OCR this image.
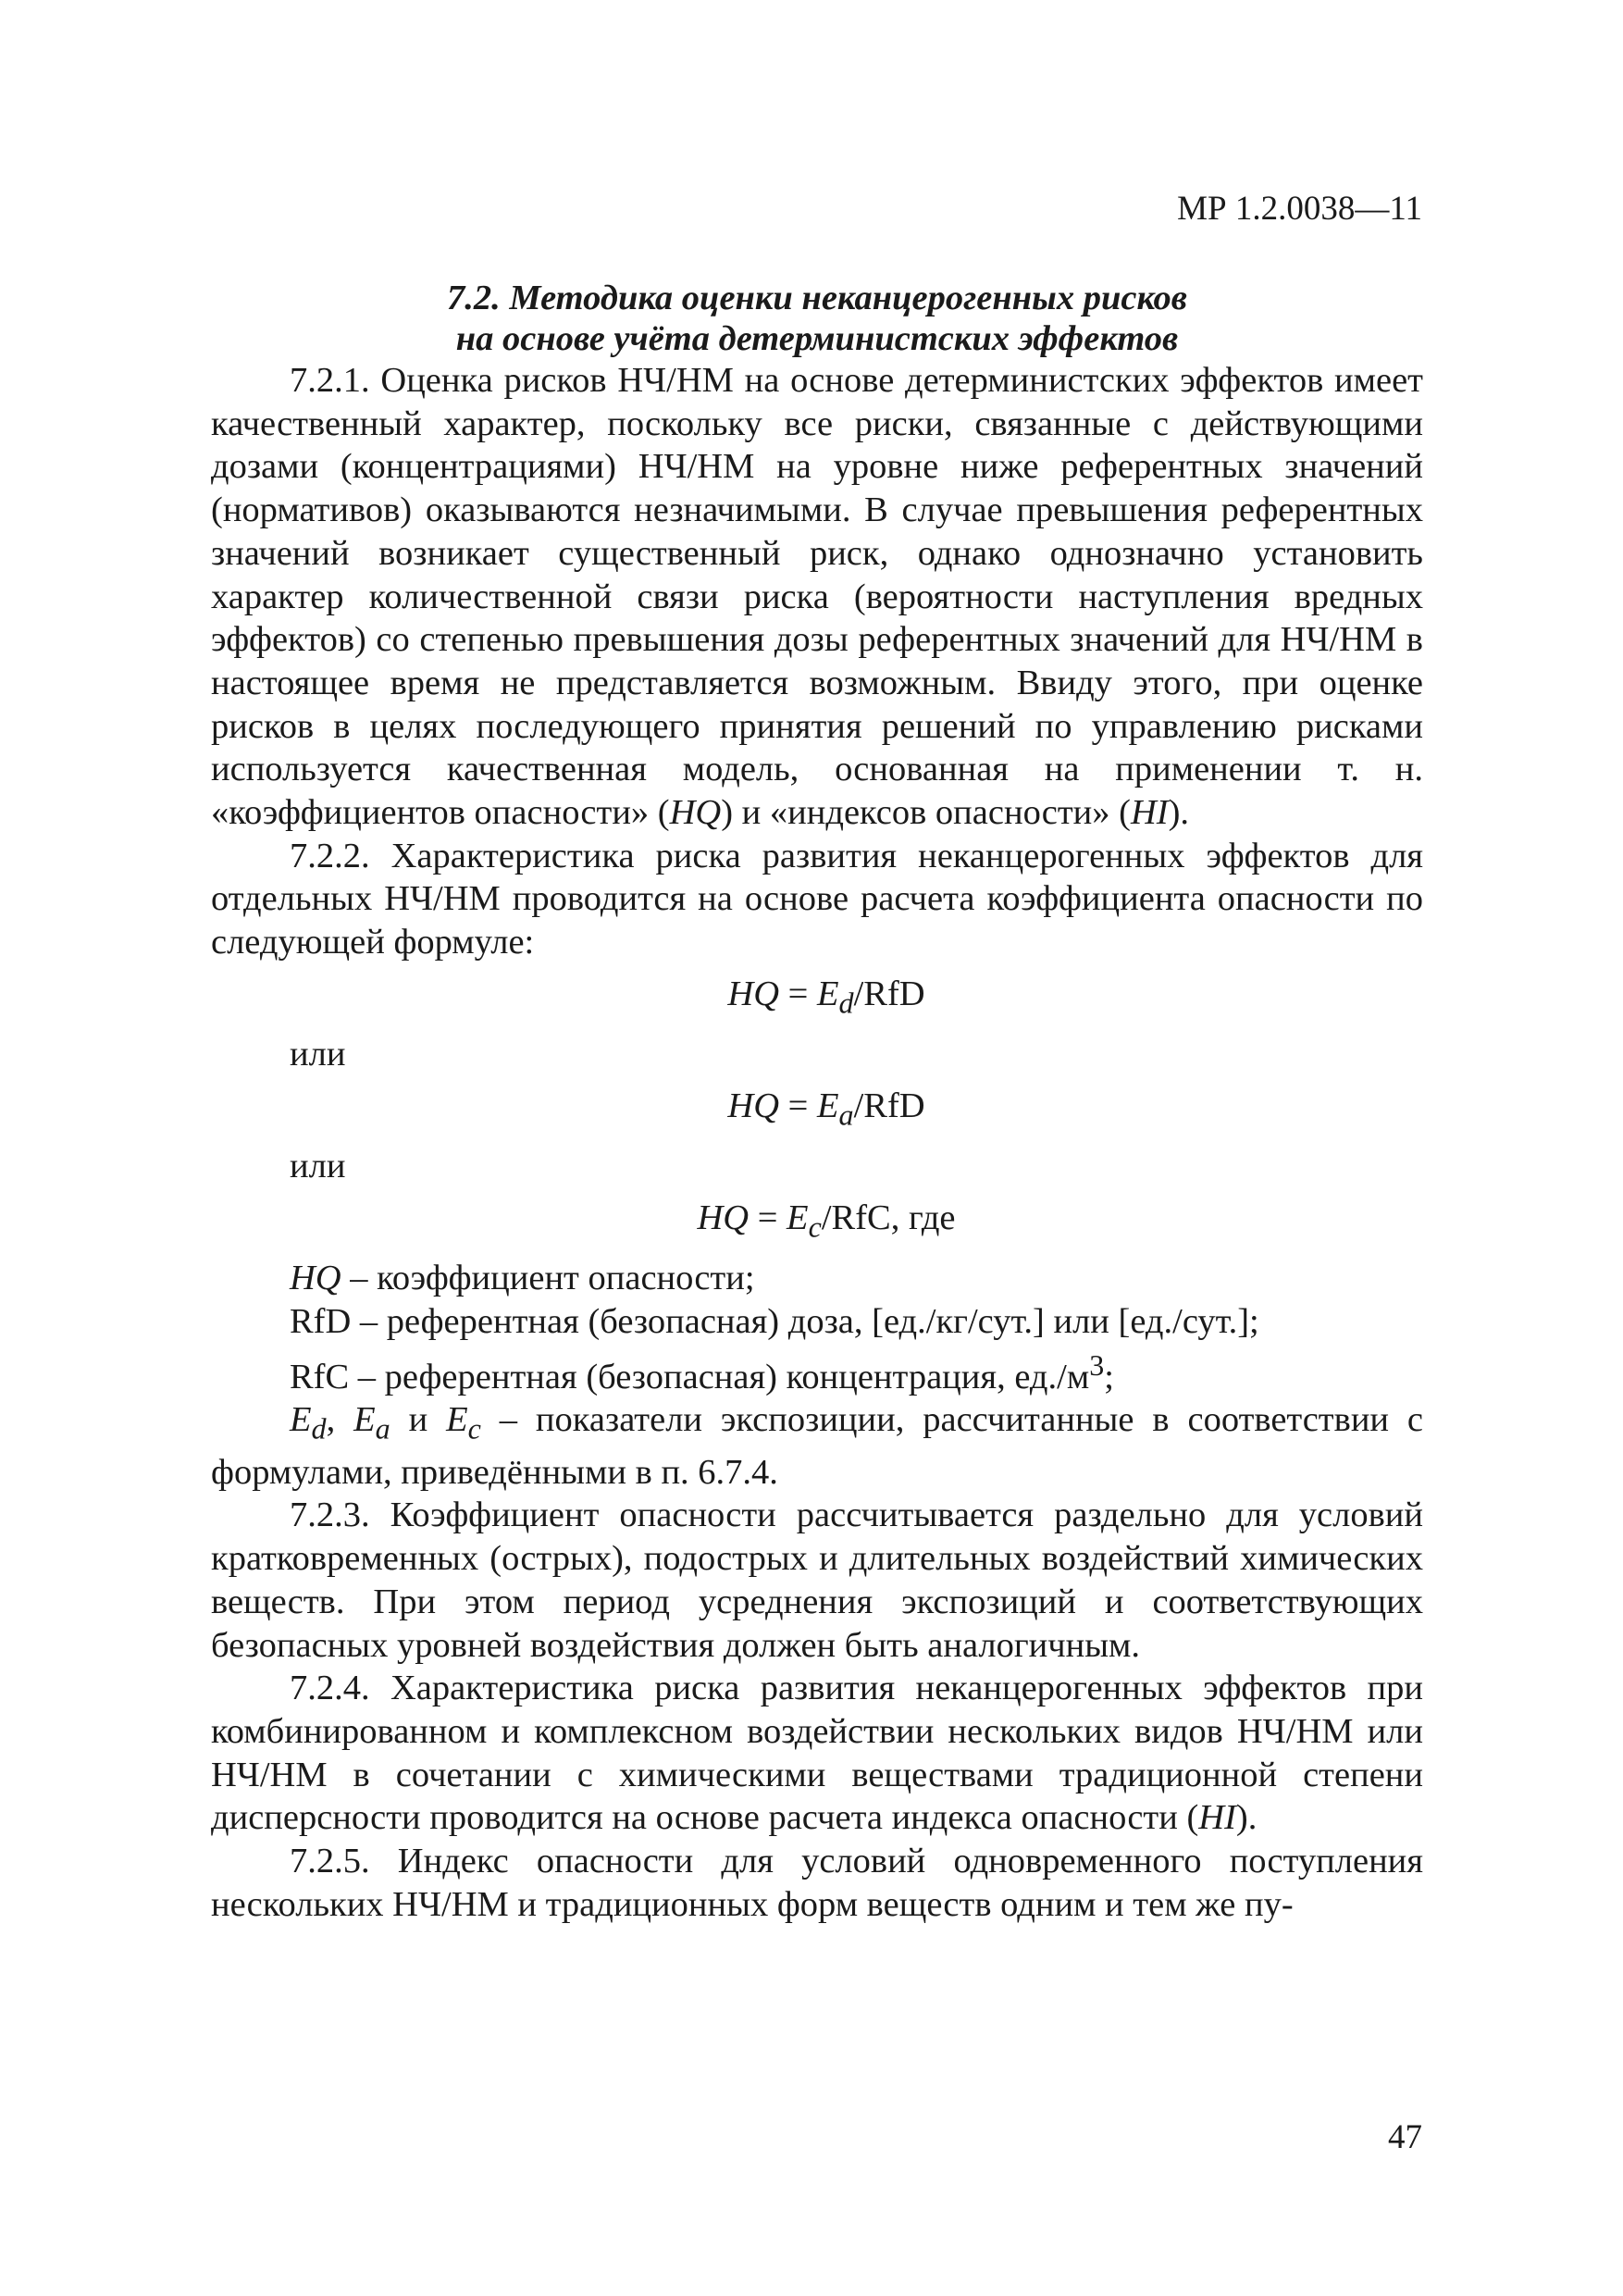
МР 1.2.0038—11

7.2. Методика оценки неканцерогенных рисков

на основе учёта детерминистских эффектов

7.2.1. Оценка рисков НЧ/НМ на основе детерминистских эффектов имеет качественный характер, поскольку все риски, связанные с действующими дозами (концентрациями) НЧ/НМ на уровне ниже референтных значений (нормативов) оказываются незначимыми. В случае превышения референтных значений возникает существенный риск, однако однозначно установить характер количественной связи риска (вероятности наступления вредных эффектов) со степенью превышения дозы референтных значений для НЧ/НМ в настоящее время не представляется возможным. Ввиду этого, при оценке рисков в целях последующего принятия решений по управлению рисками используется качественная модель, основанная на применении т. н. «коэффициентов опасности» (HQ) и «индексов опасности» (HI).

7.2.2. Характеристика риска развития неканцерогенных эффектов для отдельных НЧ/НМ проводится на основе расчета коэффициента опасности по следующей формуле:

HQ = $E_d$/RfD

или

HQ = $E_a$/RfD

или

HQ = $E_c$/RfC, где

HQ – коэффициент опасности;

RfD – референтная (безопасная) доза, [ед./кг/сут.] или [ед./сут.];

RfC – референтная (безопасная) концентрация, $ед./м^3$;

$E_d$, $E_a$ и $E_c$ – показатели экспозиции, рассчитанные в соответствии с формулами, приведёнными в п. 6.7.4.

7.2.3. Коэффициент опасности рассчитывается раздельно для условий кратковременных (острых), подострых и длительных воздействий химических веществ. При этом период усреднения экспозиций и соответствующих безопасных уровней воздействия должен быть аналогичным.

7.2.4. Характеристика риска развития неканцерогенных эффектов при комбинированном и комплексном воздействии нескольких видов НЧ/НМ или НЧ/НМ в сочетании с химическими веществами традиционной степени дисперсности проводится на основе расчета индекса опасности (HI).

7.2.5. Индекс опасности для условий одновременного поступления нескольких НЧ/НМ и традиционных форм веществ одним и тем же пу-

47
